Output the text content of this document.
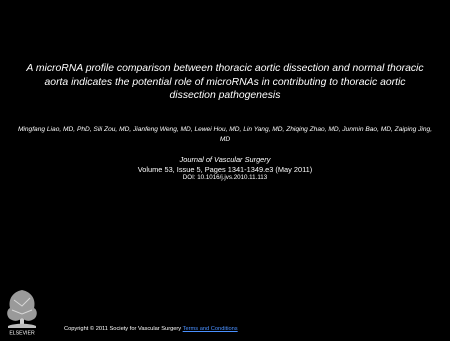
A microRNA profile comparison between thoracic aortic dissection and normal thoracic aorta indicates the potential role of microRNAs in contributing to thoracic aortic dissection pathogenesis
Mingfang Liao, MD, PhD, Sili Zou, MD, Jianfeng Weng, MD, Lewei Hou, MD, Lin Yang, MD, Zhiqing Zhao, MD, Junmin Bao, MD, Zaiping Jing, MD
Journal of Vascular Surgery
Volume 53, Issue 5, Pages 1341-1349.e3 (May 2011)
DOI: 10.1016/j.jvs.2010.11.113
ELSEVIER
Copyright © 2011 Society for Vascular Surgery Terms and Conditions
